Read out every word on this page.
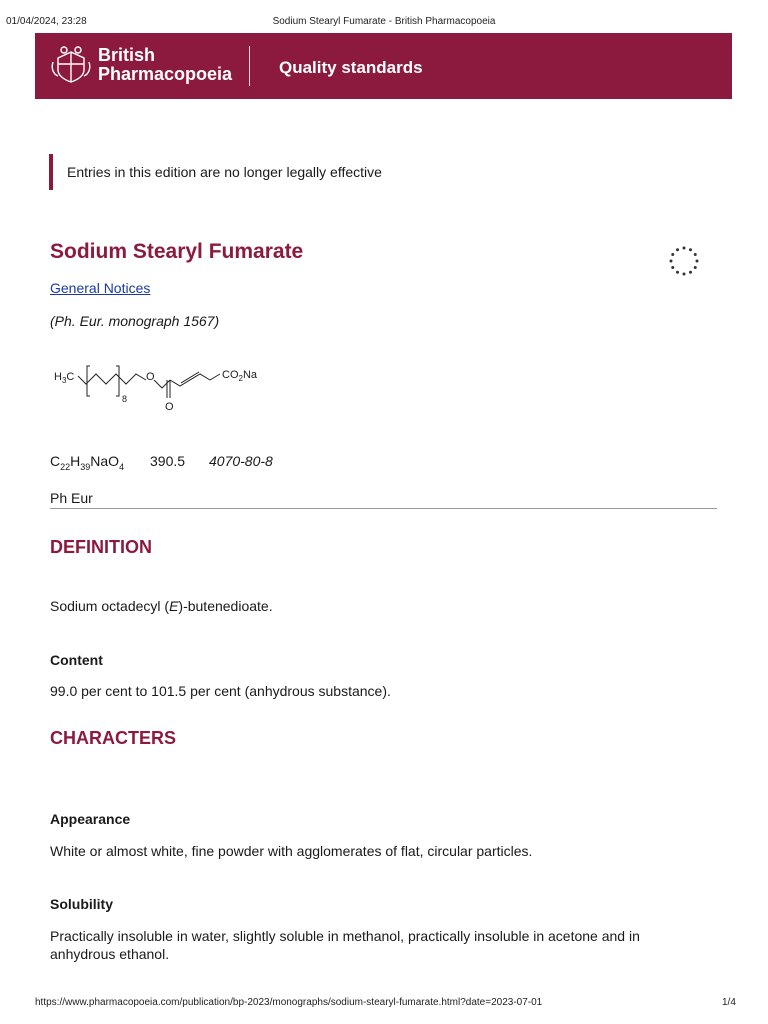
01/04/2024, 23:28	Sodium Stearyl Fumarate - British Pharmacopoeia
British
Pharmacopoeia	Quality standards
Entries in this edition are no longer legally effective
Sodium Stearyl Fumarate
General Notices
(Ph. Eur. monograph 1567)
$H_3C$
8
O
O
$CO_2Na$
$C_{22}H_{39}NaO_4$ 390.5 4070-80-8
Ph Eur
DEFINITION
Sodium octadecyl (E)-butenedioate.
Content
99.0 per cent to 101.5 per cent (anhydrous substance).
CHARACTERS
Appearance
White or almost white, fine powder with agglomerates of flat, circular particles.
Solubility
Practically insoluble in water, slightly soluble in methanol, practically insoluble in acetone and in
anhydrous ethanol.
https://www.pharmacopoeia.com/publication/bp-2023/monographs/sodium-stearyl-fumarate.html?date=2023-07-01	1/4
